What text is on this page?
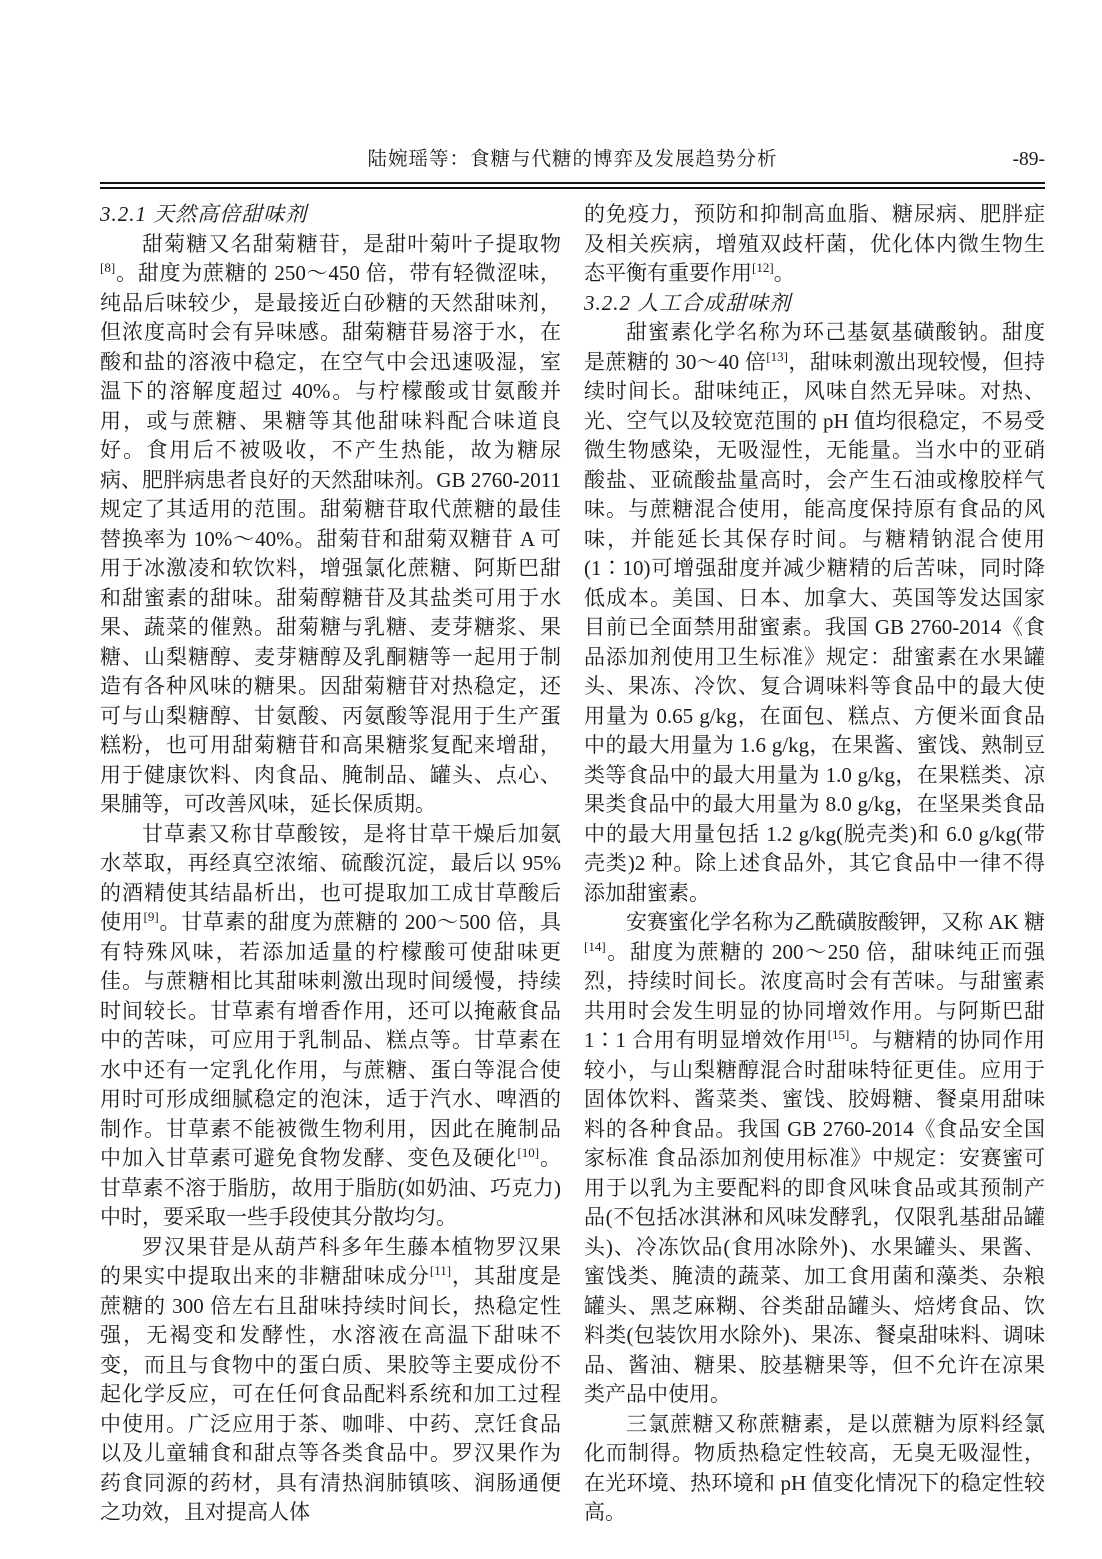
陆婉瑶等：食糖与代糖的博弈及发展趋势分析	-89-
3.2.1 天然高倍甜味剂
甜菊糖又名甜菊糖苷，是甜叶菊叶子提取物[8]。甜度为蔗糖的 250～450 倍，带有轻微涩味，纯品后味较少，是最接近白砂糖的天然甜味剂，但浓度高时会有异味感。甜菊糖苷易溶于水，在酸和盐的溶液中稳定，在空气中会迅速吸湿，室温下的溶解度超过 40%。与柠檬酸或甘氨酸并用，或与蔗糖、果糖等其他甜味料配合味道良好。食用后不被吸收，不产生热能，故为糖尿病、肥胖病患者良好的天然甜味剂。GB 2760-2011 规定了其适用的范围。甜菊糖苷取代蔗糖的最佳替换率为 10%～40%。甜菊苷和甜菊双糖苷 A 可用于冰激凌和软饮料，增强氯化蔗糖、阿斯巴甜和甜蜜素的甜味。甜菊醇糖苷及其盐类可用于水果、蔬菜的催熟。甜菊糖与乳糖、麦芽糖浆、果糖、山梨糖醇、麦芽糖醇及乳酮糖等一起用于制造有各种风味的糖果。因甜菊糖苷对热稳定，还可与山梨糖醇、甘氨酸、丙氨酸等混用于生产蛋糕粉，也可用甜菊糖苷和高果糖浆复配来增甜，用于健康饮料、肉食品、腌制品、罐头、点心、果脯等，可改善风味，延长保质期。
甘草素又称甘草酸铵，是将甘草干燥后加氨水萃取，再经真空浓缩、硫酸沉淀，最后以 95%的酒精使其结晶析出，也可提取加工成甘草酸后使用[9]。甘草素的甜度为蔗糖的 200～500 倍，具有特殊风味，若添加适量的柠檬酸可使甜味更佳。与蔗糖相比其甜味刺激出现时间缓慢，持续时间较长。甘草素有增香作用，还可以掩蔽食品中的苦味，可应用于乳制品、糕点等。甘草素在水中还有一定乳化作用，与蔗糖、蛋白等混合使用时可形成细腻稳定的泡沫，适于汽水、啤酒的制作。甘草素不能被微生物利用，因此在腌制品中加入甘草素可避免食物发酵、变色及硬化[10]。甘草素不溶于脂肪，故用于脂肪(如奶油、巧克力)中时，要采取一些手段使其分散均匀。
罗汉果苷是从葫芦科多年生藤本植物罗汉果的果实中提取出来的非糖甜味成分[11]，其甜度是蔗糖的 300 倍左右且甜味持续时间长，热稳定性强，无褐变和发酵性，水溶液在高温下甜味不变，而且与食物中的蛋白质、果胶等主要成份不起化学反应，可在任何食品配料系统和加工过程中使用。广泛应用于茶、咖啡、中药、烹饪食品以及儿童辅食和甜点等各类食品中。罗汉果作为药食同源的药材，具有清热润肺镇咳、润肠通便之功效，且对提高人体
的免疫力，预防和抑制高血脂、糖尿病、肥胖症及相关疾病，增殖双歧杆菌，优化体内微生物生态平衡有重要作用[12]。
3.2.2 人工合成甜味剂
甜蜜素化学名称为环己基氨基磺酸钠。甜度是蔗糖的 30～40 倍[13]，甜味刺激出现较慢，但持续时间长。甜味纯正，风味自然无异味。对热、光、空气以及较宽范围的 pH 值均很稳定，不易受微生物感染，无吸湿性，无能量。当水中的亚硝酸盐、亚硫酸盐量高时，会产生石油或橡胶样气味。与蔗糖混合使用，能高度保持原有食品的风味，并能延长其保存时间。与糖精钠混合使用(1∶10)可增强甜度并减少糖精的后苦味，同时降低成本。美国、日本、加拿大、英国等发达国家目前已全面禁用甜蜜素。我国 GB 2760-2014《食品添加剂使用卫生标准》规定：甜蜜素在水果罐头、果冻、冷饮、复合调味料等食品中的最大使用量为 0.65 g/kg，在面包、糕点、方便米面食品中的最大用量为 1.6 g/kg，在果酱、蜜饯、熟制豆类等食品中的最大用量为 1.0 g/kg，在果糕类、凉果类食品中的最大用量为 8.0 g/kg，在坚果类食品中的最大用量包括 1.2 g/kg(脱壳类)和 6.0 g/kg(带壳类)2 种。除上述食品外，其它食品中一律不得添加甜蜜素。
安赛蜜化学名称为乙酰磺胺酸钾，又称 AK 糖[14]。甜度为蔗糖的 200～250 倍，甜味纯正而强烈，持续时间长。浓度高时会有苦味。与甜蜜素共用时会发生明显的协同增效作用。与阿斯巴甜 1∶1 合用有明显增效作用[15]。与糖精的协同作用较小，与山梨糖醇混合时甜味特征更佳。应用于固体饮料、酱菜类、蜜饯、胶姆糖、餐桌用甜味料的各种食品。我国 GB 2760-2014《食品安全国家标准 食品添加剂使用标准》中规定：安赛蜜可用于以乳为主要配料的即食风味食品或其预制产品(不包括冰淇淋和风味发酵乳，仅限乳基甜品罐头)、冷冻饮品(食用冰除外)、水果罐头、果酱、蜜饯类、腌渍的蔬菜、加工食用菌和藻类、杂粮罐头、黑芝麻糊、谷类甜品罐头、焙烤食品、饮料类(包装饮用水除外)、果冻、餐桌甜味料、调味品、酱油、糖果、胶基糖果等，但不允许在凉果类产品中使用。
三氯蔗糖又称蔗糖素，是以蔗糖为原料经氯化而制得。物质热稳定性较高，无臭无吸湿性，在光环境、热环境和 pH 值变化情况下的稳定性较高。
